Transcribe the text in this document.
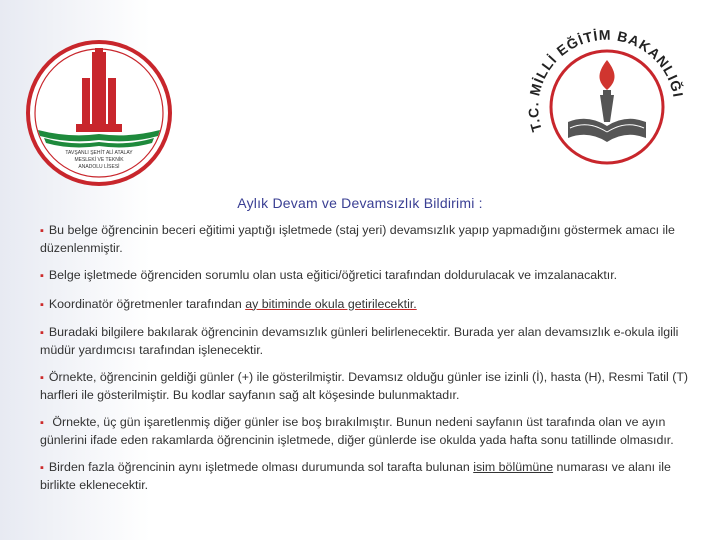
TAVŞANLI ŞEHİT ALİ ATALAY
MESLEKİ VE TEKNİK
ANADOLU LİSESİ
T.C. MİLLİ EĞİTİM BAKANLIĞI
Aylık Devam ve Devamsızlık Bildirimi :

▪ Bu belge öğrencinin beceri eğitimi yaptığı işletmede (staj yeri) devamsızlık yapıp yapmadığını göstermek amacı ile düzenlenmiştir.

▪ Belge işletmede öğrenciden sorumlu olan usta eğitici/öğretici tarafından doldurulacak ve imzalanacaktır.

▪ Koordinatör öğretmenler tarafından ay bitiminde okula getirilecektir.

▪ Buradaki bilgilere bakılarak öğrencinin devamsızlık günleri belirlenecektir. Burada yer alan devamsızlık e-okula ilgili müdür yardımcısı tarafından işlenecektir.

▪ Örnekte, öğrencinin geldiği günler (+) ile gösterilmiştir. Devamsız olduğu günler ise izinli (İ), hasta (H), Resmi Tatil (T) harfleri ile gösterilmiştir. Bu kodlar sayfanın sağ alt köşesinde bulunmaktadır.

▪ Örnekte, üç gün işaretlenmiş diğer günler ise boş bırakılmıştır. Bunun nedeni sayfanın üst tarafında olan ve ayın günlerini ifade eden rakamlarda öğrencinin işletmede, diğer günlerde ise okulda yada hafta sonu tatillinde olmasıdır.

▪ Birden fazla öğrencinin aynı işletmede olması durumunda sol tarafta bulunan isim bölümüne numarası ve alanı ile birlikte eklenecektir.
